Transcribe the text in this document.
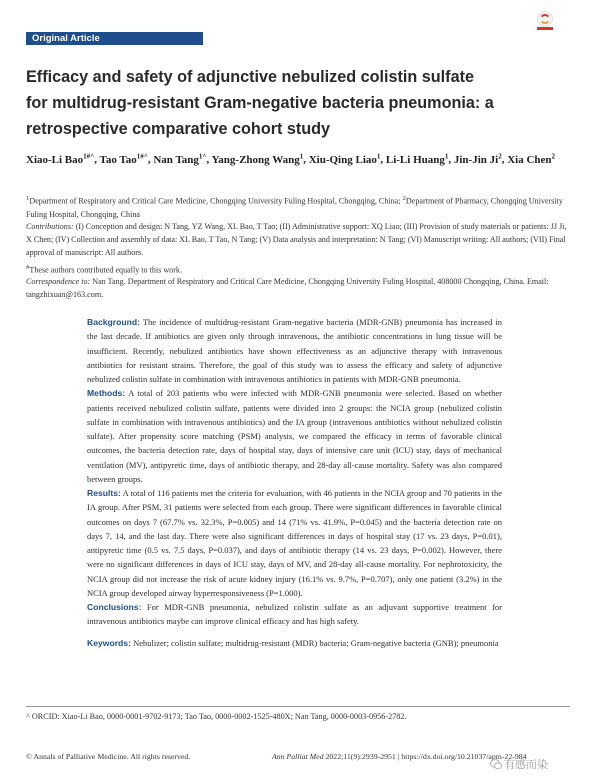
Original Article
Efficacy and safety of adjunctive nebulized colistin sulfate
for multidrug-resistant Gram-negative bacteria pneumonia: a
retrospective comparative cohort study

Xiao-Li Bao$^{1\#\^{}}$, Tao Tao$^{1\#\^{}}$, Nan Tang$^{1\^{}}$, Yang-Zhong Wang$^1$, Xiu-Qing Liao$^1$, Li-Li Huang$^1$, Jin-Jin Ji$^2$, Xia Chen$^2$

$^1$Department of Respiratory and Critical Care Medicine, Chongqing University Fuling Hospital, Chongqing, China; $^2$Department of Pharmacy, Chongqing University Fuling Hospital, Chongqing, China

Contributions: (I) Conception and design: N Tang, YZ Wang, XL Bao, T Tao; (II) Administrative support: XQ Liao; (III) Provision of study materials or patients: JJ Ji, X Chen; (IV) Collection and assembly of data: XL Bao, T Tao, N Tang; (V) Data analysis and interpretation: N Tang; (VI) Manuscript writing: All authors; (VII) Final approval of manuscript: All authors.

#These authors contributed equally to this work.

Correspondence to: Nan Tang. Department of Respiratory and Critical Care Medicine, Chongqing University Fuling Hospital, 408000 Chongqing, China. Email: tangzhixuan@163.com.

Background: The incidence of multidrug-resistant Gram-negative bacteria (MDR-GNB) pneumonia has increased in the last decade. If antibiotics are given only through intravenous, the antibiotic concentrations in lung tissue will be insufficient. Recently, nebulized antibiotics have shown effectiveness as an adjunctive therapy with intravenous antibiotics for resistant strains. Therefore, the goal of this study was to assess the efficacy and safety of adjunctive nebulized colistin sulfate in combination with intravenous antibiotics in patients with MDR-GNB pneumonia.

Methods: A total of 203 patients who were infected with MDR-GNB pneumonia were selected. Based on whether patients received nebulized colistin sulfate, patients were divided into 2 groups: the NCIA group (nebulized colistin sulfate in combination with intravenous antibiotics) and the IA group (intravenous antibiotics without nebulized colistin sulfate). After propensity score matching (PSM) analysis, we compared the efficacy in terms of favorable clinical outcomes, the bacteria detection rate, days of hospital stay, days of intensive care unit (ICU) stay, days of mechanical ventilation (MV), antipyretic time, days of antibiotic therapy, and 28-day all-cause mortality. Safety was also compared between groups.

Results: A total of 116 patients met the criteria for evaluation, with 46 patients in the NCIA group and 70 patients in the IA group. After PSM, 31 patients were selected from each group. There were significant differences in favorable clinical outcomes on days 7 (67.7% vs. 32.3%, P=0.005) and 14 (71% vs. 41.9%, P=0.045) and the bacteria detection rate on days 7, 14, and the last day. There were also significant differences in days of hospital stay (17 vs. 23 days, P=0.01), antipyretic time (0.5 vs. 7.5 days, P=0.037), and days of antibiotic therapy (14 vs. 23 days, P=0.002). However, there were no significant differences in days of ICU stay, days of MV, and 28-day all-cause mortality. For nephrotoxicity, the NCIA group did not increase the risk of acute kidney injury (16.1% vs. 9.7%, P=0.707), only one patient (3.2%) in the NCIA group developed airway hyperresponsiveness (P=1.000).

Conclusions: For MDR-GNB pneumonia, nebulized colistin sulfate as an adjuvant supportive treatment for intravenous antibiotics maybe can improve clinical efficacy and has high safety.

Keywords: Nebulizer; colistin sulfate; multidrug-resistant (MDR) bacteria; Gram-negative bacteria (GNB); pneumonia

^ ORCID: Xiao-Li Bao, 0000-0001-9702-9173; Tao Tao, 0000-0002-1525-480X; Nan Tang, 0000-0003-0956-2782.

© Annals of Palliative Medicine. All rights reserved.	Ann Palliat Med 2022;11(9):2939-2951 | https://dx.doi.org/10.21037/apm-22-984
有感而染
